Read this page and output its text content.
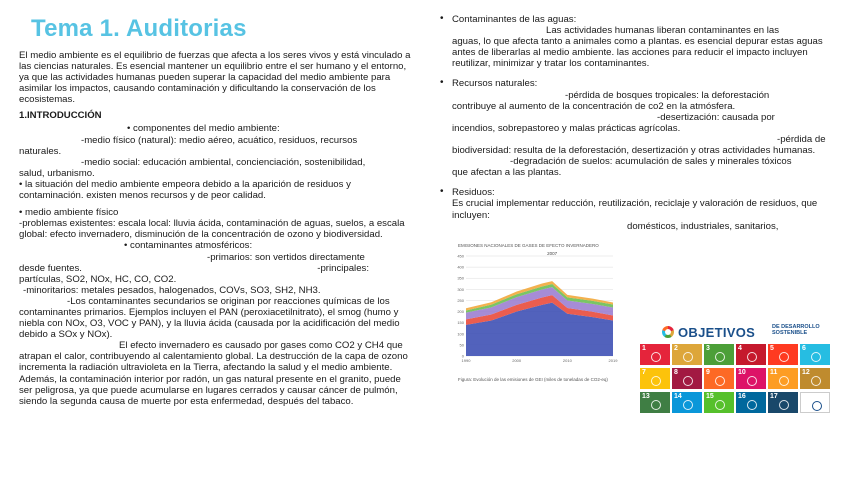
Tema 1. Auditorias

El medio ambiente es el equilibrio de fuerzas que afecta a los seres vivos y está vinculado a las ciencias naturales. Es esencial mantener un equilibrio entre el ser humano y el entorno, ya que las actividades humanas pueden superar la capacidad del medio ambiente para asimilar los impactos, causando contaminación y dificultando la conservación de los ecosistemas.

1.INTRODUCCIÓN
• componentes del medio ambiente:
-medio físico (natural): medio aéreo, acuático, residuos, recursos
naturales.
-medio social: educación ambiental, concienciación, sostenibilidad,
salud, urbanismo.
• la situación del medio ambiente empeora debido a la aparición de residuos y contaminación. existen menos recursos y de peor calidad.
• medio ambiente físico
-problemas existentes: escala local: lluvia ácida, contaminación de aguas, suelos, a escala global: efecto invernadero, disminución de la concentración de ozono y biodiversidad.
• contaminantes atmosféricos:
-primarios: son vertidos directamente
desde fuentes.	-principales:
partículas, SO2, NOx, HC, CO, CO2.
-minoritarios: metales pesados, halogenados, COVs, SO3, SH2, NH3.
-Los contaminantes secundarios se originan por reacciones químicas de los contaminantes primarios. Ejemplos incluyen el PAN (peroxiacetilnitrato), el smog (humo y niebla con NOx, O3, VOC y PAN), y la lluvia ácida (causada por la acidificación del medio debido a SOx y NOx).
El efecto invernadero es causado por gases como CO2 y CH4 que atrapan el calor, contribuyendo al calentamiento global. La destrucción de la capa de ozono incrementa la radiación ultravioleta en la Tierra, afectando la salud y el medio ambiente. Además, la contaminación interior por radón, un gas natural presente en el granito, puede ser peligrosa, ya que puede acumularse en lugares cerrados y causar cáncer de pulmón, siendo la segunda causa de muerte por esta enfermedad, después del tabaco.
• Contaminantes de las aguas:
Las actividades humanas liberan contaminantes en las
aguas, lo que afecta tanto a animales como a plantas. es esencial depurar estas aguas antes de liberarlas al medio ambiente. las acciones para reducir el impacto incluyen reutilizar, minimizar y tratar los contaminantes.
• Recursos naturales:
-pérdida de bosques tropicales: la deforestación
contribuye al aumento de la concentración de co2 en la atmósfera.
-desertización: causada por
incendios, sobrepastoreo y malas prácticas agrícolas.
-pérdida de
biodiversidad: resulta de la deforestación, desertización y otras actividades humanas.
-degradación de suelos: acumulación de sales y minerales tóxicos
que afectan a las plantas.
• Residuos:
Es crucial implementar reducción, reutilización, reciclaje y valoración de residuos, que incluyen:
domésticos, industriales, sanitarios,
EMISIONES NACIONALES DE GASES DE EFECTO INVERNADERO
0
50
100
150
200
250
300
350
400
450	2007
1990	2000	2010	2019
Figura: Evolución de las emisiones de GEI (miles de toneladas de CO2-eq)
OBJETIVOS	DE DESARROLLO
SOSTENIBLE
1	2	3	4	5	6
7	8	9	10	11	12
13	14	15	16	17
